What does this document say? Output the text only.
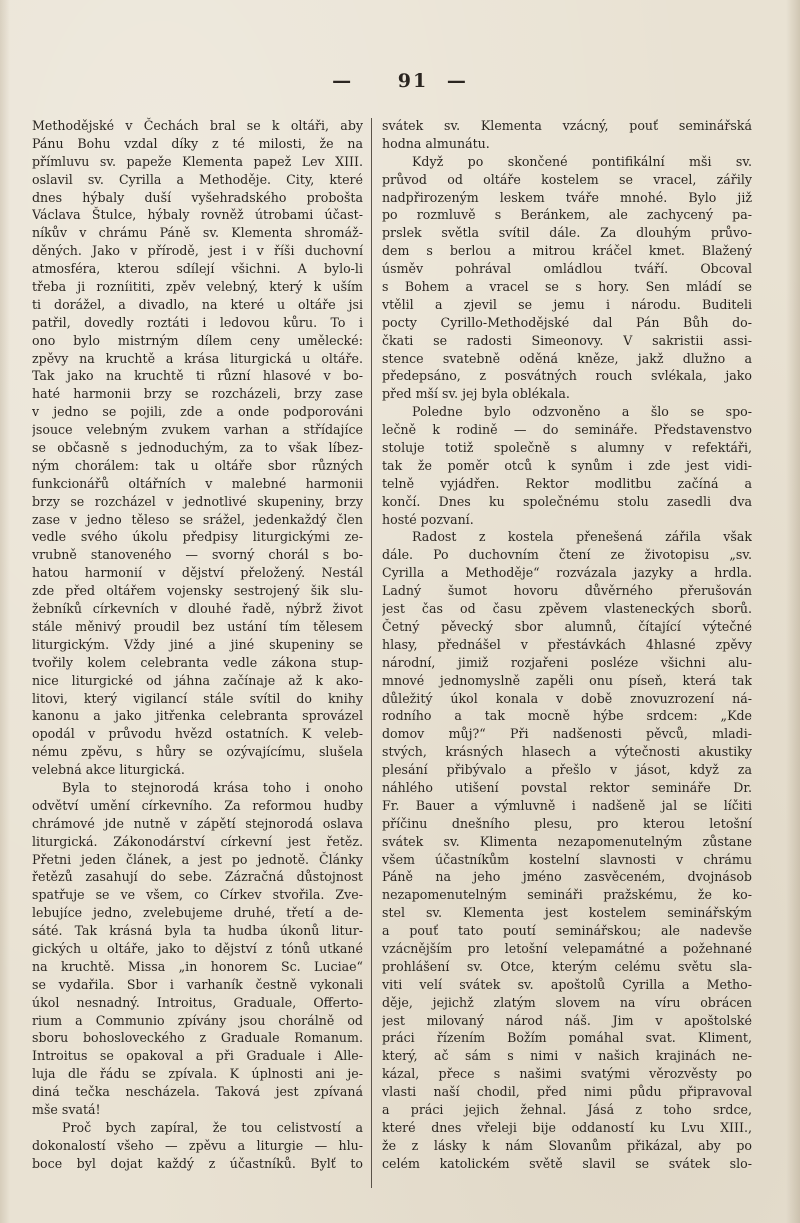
— 91 —
Methodějské v Čechách bral se k oltáři, aby
Pánu Bohu vzdal díky z té milosti, že na
přímluvu sv. papeže Klementa papež Lev XIII.
oslavil sv. Cyrilla a Methoděje. City, které
dnes hýbaly duší vyšehradského probošta
Václava Štulce, hýbaly rovněž útrobami účast-
níkův v chrámu Páně sv. Klementa shromáž-
děných. Jako v přírodě, jest i v říši duchovní
atmosféra, kterou sdílejí všichni. A bylo-li
třeba ji rozníititi, zpěv velebný, který k uším
ti dorážel, a divadlo, na které u oltáře jsi
patřil, dovedly roztáti i ledovou kůru. To i
ono bylo mistrným dílem ceny umělecké:
zpěvy na kruchtě a krása liturgická u oltáře.
Tak jako na kruchtě ti různí hlasové v bo-
haté harmonii brzy se rozcházeli, brzy zase
v jedno se pojili, zde a onde podporováni
jsouce velebným zvukem varhan a střídajíce
se občasně s jednoduchým, za to však líbez-
ným chorálem: tak u oltáře sbor různých
funkcionářů oltářních v malebné harmonii
brzy se rozcházel v jednotlivé skupeniny, brzy
zase v jedno těleso se srážel, jedenkaždý člen
vedle svého úkolu předpisy liturgickými ze-
vrubně stanoveného — svorný chorál s bo-
hatou harmonií v dějství přeložený. Nestál
zde před oltářem vojensky sestrojený šik slu-
žebníků církevních v dlouhé řadě, nýbrž život
stále měnivý proudil bez ustání tím tělesem
liturgickým. Vždy jiné a jiné skupeniny se
tvořily kolem celebranta vedle zákona stup-
nice liturgické od jáhna začínaje až k ako-
litovi, který vigilancí stále svítil do knihy
kanonu a jako jitřenka celebranta sprovázel
opodál v průvodu hvězd ostatních. K veleb-
nému zpěvu, s hůry se ozývajícímu, slušela
velebná akce liturgická.
Byla to stejnorodá krása toho i onoho
odvětví umění církevního. Za reformou hudby
chrámové jde nutně v zápětí stejnorodá oslava
liturgická. Zákonodárství církevní jest řetěz.
Přetni jeden článek, a jest po jednotě. Články
řetězů zasahují do sebe. Zázračná důstojnost
spatřuje se ve všem, co Církev stvořila. Zve-
lebujíce jedno, zvelebujeme druhé, třetí a de-
sáté. Tak krásná byla ta hudba úkonů litur-
gických u oltáře, jako to dějství z tónů utkané
na kruchtě. Missa „in honorem Sc. Luciae“
se vydařila. Sbor i varhaník čestně vykonali
úkol nesnadný. Introitus, Graduale, Offerto-
rium a Communio zpívány jsou chorálně od
sboru bohosloveckého z Graduale Romanum.
Introitus se opakoval a při Graduale i Alle-
luja dle řádu se zpívala. K úplnosti ani je-
diná tečka nescházela. Taková jest zpívaná
mše svatá!
Proč bych zapíral, že tou celistvostí a
dokonalostí všeho — zpěvu a liturgie — hlu-
boce byl dojat každý z účastníků. Bylť to
svátek sv. Klementa vzácný, pouť seminářská
hodna almunátu.
Když po skončené pontifikální mši sv.
průvod od oltáře kostelem se vracel, zářily
nadpřirozeným leskem tváře mnohé. Bylo již
po rozmluvě s Beránkem, ale zachycený pa-
prslek světla svítil dále. Za dlouhým průvo-
dem s berlou a mitrou kráčel kmet. Blažený
úsměv pohrával omládlou tváří. Obcoval
s Bohem a vracel se s hory. Sen mládí se
vtělil a zjevil se jemu i národu. Buditeli
pocty Cyrillo-Methodějské dal Pán Bůh do-
čkati se radosti Simeonovy. V sakristii assi-
stence svatebně oděná kněze, jakž dlužno a
předepsáno, z posvátných rouch svlékala, jako
před mší sv. jej byla oblékala.
Poledne bylo odzvoněno a šlo se spo-
lečně k rodině — do semináře. Představenstvo
stoluje totiž společně s alumny v refektáři,
tak že poměr otců k synům i zde jest vidi-
telně vyjádřen. Rektor modlitbu začíná a
končí. Dnes ku společnému stolu zasedli dva
hosté pozvaní.
Radost z kostela přenešená zářila však
dále. Po duchovním čtení ze životopisu „sv.
Cyrilla a Methoděje“ rozvázala jazyky a hrdla.
Ladný šumot hovoru důvěrného přerušován
jest čas od času zpěvem vlasteneckých sborů.
Četný pěvecký sbor alumnů, čítající výtečné
hlasy, přednášel v přestávkách 4hlasné zpěvy
národní, jimiž rozjařeni posléze všichni alu-
mnové jednomyslně zapěli onu píseň, která tak
důležitý úkol konala v době znovuzrození ná-
rodního a tak mocně hýbe srdcem: „Kde
domov můj?“ Při nadšenosti pěvců, mladi-
stvých, krásných hlasech a výtečnosti akustiky
plesání přibývalo a přešlo v jásot, když za
náhlého utišení povstal rektor semináře Dr.
Fr. Bauer a výmluvně i nadšeně jal se líčiti
příčinu dnešního plesu, pro kterou letošní
svátek sv. Klimenta nezapomenutelným zůstane
všem účastníkům kostelní slavnosti v chrámu
Páně na jeho jméno zasvěceném, dvojnásob
nezapomenutelným semináři pražskému, že ko-
stel sv. Klementa jest kostelem seminářským
a pouť tato poutí seminářskou; ale nadevše
vzácnějším pro letošní velepamátné a požehnané
prohlášení sv. Otce, kterým celému světu sla-
viti velí svátek sv. apoštolů Cyrilla a Metho-
děje, jejichž zlatým slovem na víru obrácen
jest milovaný národ náš. Jim v apoštolské
práci řízením Božím pomáhal svat. Kliment,
který, ač sám s nimi v našich krajinách ne-
kázal, přece s našimi svatými věrozvěsty po
vlasti naší chodil, před nimi půdu připravoval
a práci jejich žehnal. Jásá z toho srdce,
které dnes vřeleji bije oddaností ku Lvu XIII.,
že z lásky k nám Slovanům přikázal, aby po
celém katolickém světě slavil se svátek slo-
